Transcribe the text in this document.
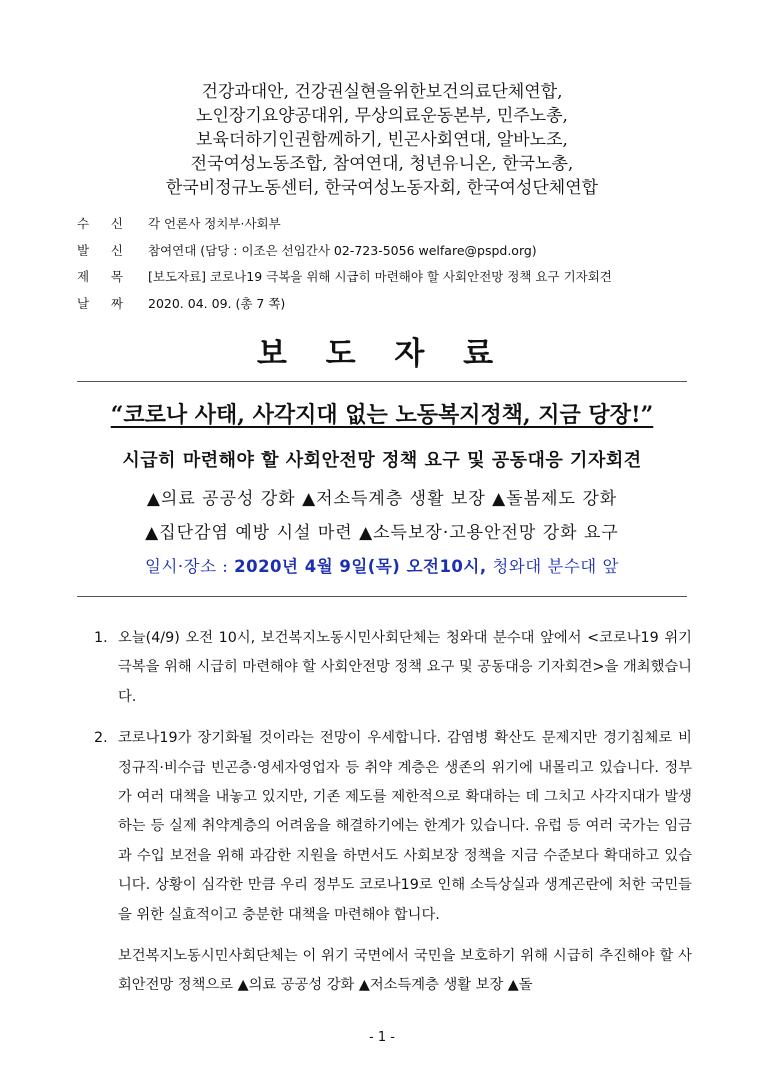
건강과대안, 건강권실현을위한보건의료단체연합,
노인장기요양공대위, 무상의료운동본부, 민주노총,
보육더하기인권함께하기, 빈곤사회연대, 알바노조,
전국여성노동조합, 참여연대, 청년유니온, 한국노총,
한국비정규노동센터, 한국여성노동자회, 한국여성단체연합
수 신 각 언론사 정치부·사회부
발 신 참여연대 (담당 : 이조은 선임간사 02-723-5056 welfare@pspd.org)
제 목 [보도자료] 코로나19 극복을 위해 시급히 마련해야 할 사회안전망 정책 요구 기자회견
날 짜 2020. 04. 09. (총 7 쪽)
보 도 자 료
“코로나 사태, 사각지대 없는 노동복지정책, 지금 당장!”
시급히 마련해야 할 사회안전망 정책 요구 및 공동대응 기자회견
▲의료 공공성 강화 ▲저소득계층 생활 보장 ▲돌봄제도 강화
▲집단감염 예방 시설 마련 ▲소득보장·고용안전망 강화 요구
일시·장소 : 2020년 4월 9일(목) 오전10시, 청와대 분수대 앞
1. 오늘(4/9) 오전 10시, 보건복지노동시민사회단체는 청와대 분수대 앞에서 <코로나19 위기 극복을 위해 시급히 마련해야 할 사회안전망 정책 요구 및 공동대응 기자회견>을 개최했습니다.
2. 코로나19가 장기화될 것이라는 전망이 우세합니다. 감염병 확산도 문제지만 경기침체로 비정규직·비수급 빈곤층·영세자영업자 등 취약 계층은 생존의 위기에 내몰리고 있습니다. 정부가 여러 대책을 내놓고 있지만, 기존 제도를 제한적으로 확대하는 데 그치고 사각지대가 발생하는 등 실제 취약계층의 어려움을 해결하기에는 한계가 있습니다. 유럽 등 여러 국가는 임금과 수입 보전을 위해 과감한 지원을 하면서도 사회보장 정책을 지금 수준보다 확대하고 있습니다. 상황이 심각한 만큼 우리 정부도 코로나19로 인해 소득상실과 생계곤란에 처한 국민들을 위한 실효적이고 충분한 대책을 마련해야 합니다.
보건복지노동시민사회단체는 이 위기 국면에서 국민을 보호하기 위해 시급히 추진해야 할 사회안전망 정책으로 ▲의료 공공성 강화 ▲저소득계층 생활 보장 ▲돌
- 1 -
